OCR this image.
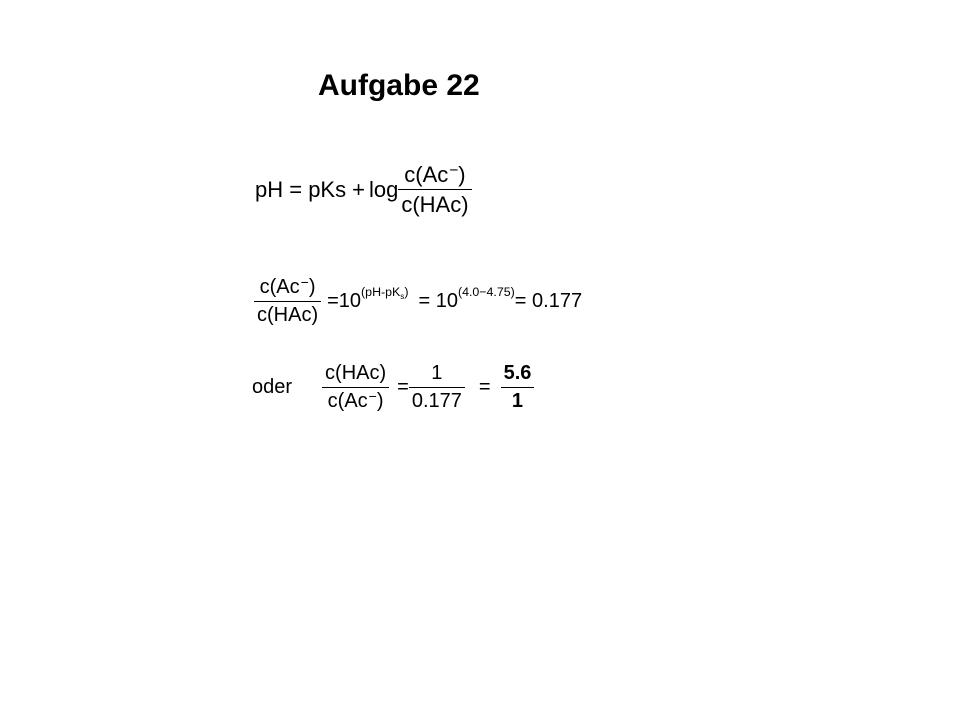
Aufgabe 22
pH = pKs + $\log \frac{c(Ac^-)}{\text{c(HAc)}}$
$\frac{c(Ac^-)}{\text{c(HAc)}} =10$ $(pH-pK_s) = 10$ (4.0−4.75) = 0.177
oder $\frac{\text{c(HAc)}}{c(Ac^-)} = \frac{1}{0.177} = \frac{5.6}{1}$
